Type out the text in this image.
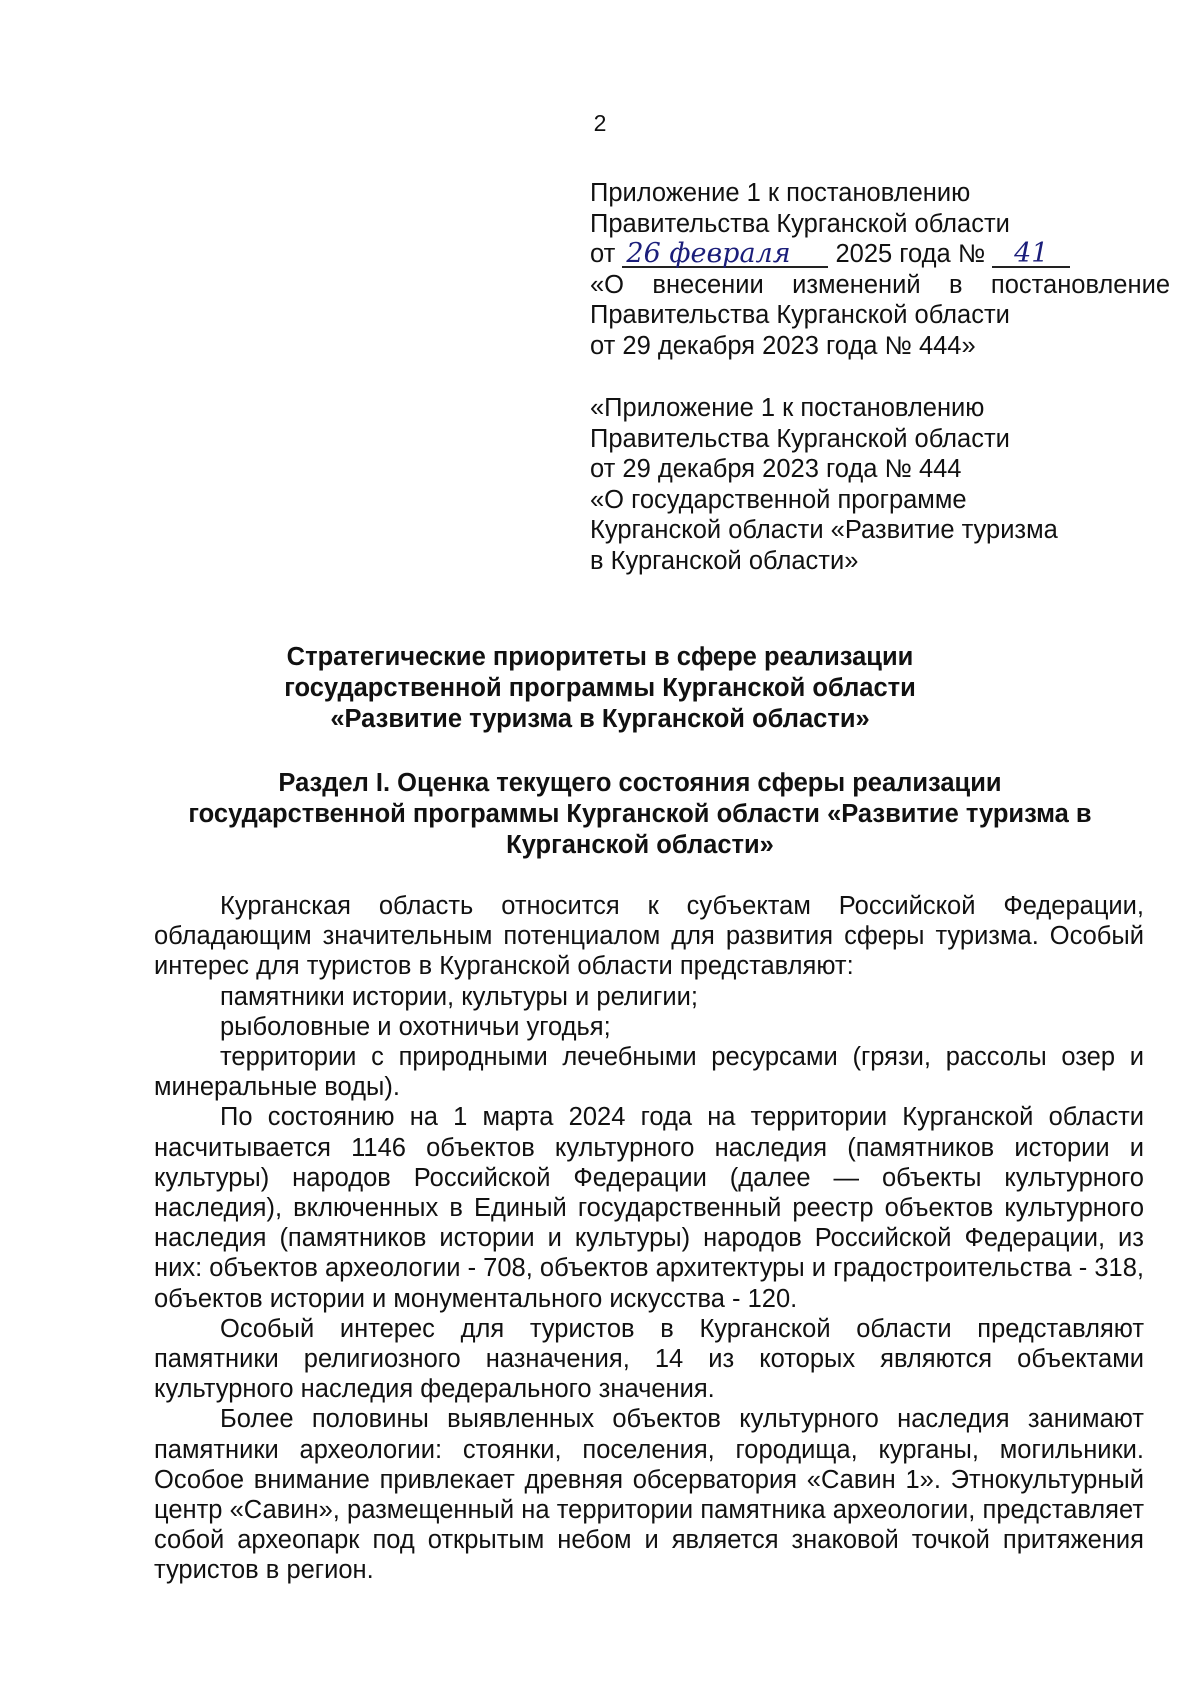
2
Приложение 1 к постановлению
Правительства Курганской области
от 26 февраля 2025 года № 41
«О внесении изменений в постановление
Правительства Курганской области
от 29 декабря 2023 года № 444»
«Приложение 1 к постановлению
Правительства Курганской области
от 29 декабря 2023 года № 444
«О государственной программе
Курганской области «Развитие туризма
в Курганской области»
Стратегические приоритеты в сфере реализации
государственной программы Курганской области
«Развитие туризма в Курганской области»
Раздел I. Оценка текущего состояния сферы реализации
государственной программы Курганской области «Развитие туризма в
Курганской области»

Курганская область относится к субъектам Российской Федерации, обладающим значительным потенциалом для развития сферы туризма. Особый интерес для туристов в Курганской области представляют:

памятники истории, культуры и религии;

рыболовные и охотничьи угодья;

территории с природными лечебными ресурсами (грязи, рассолы озер и минеральные воды).

По состоянию на 1 марта 2024 года на территории Курганской области насчитывается 1146 объектов культурного наследия (памятников истории и культуры) народов Российской Федерации (далее — объекты культурного наследия), включенных в Единый государственный реестр объектов культурного наследия (памятников истории и культуры) народов Российской Федерации, из них: объектов археологии - 708, объектов архитектуры и градостроительства - 318, объектов истории и монументального искусства - 120.

Особый интерес для туристов в Курганской области представляют памятники религиозного назначения, 14 из которых являются объектами культурного наследия федерального значения.

Более половины выявленных объектов культурного наследия занимают памятники археологии: стоянки, поселения, городища, курганы, могильники. Особое внимание привлекает древняя обсерватория «Савин 1». Этнокультурный центр «Савин», размещенный на территории памятника археологии, представляет собой археопарк под открытым небом и является знаковой точкой притяжения туристов в регион.
